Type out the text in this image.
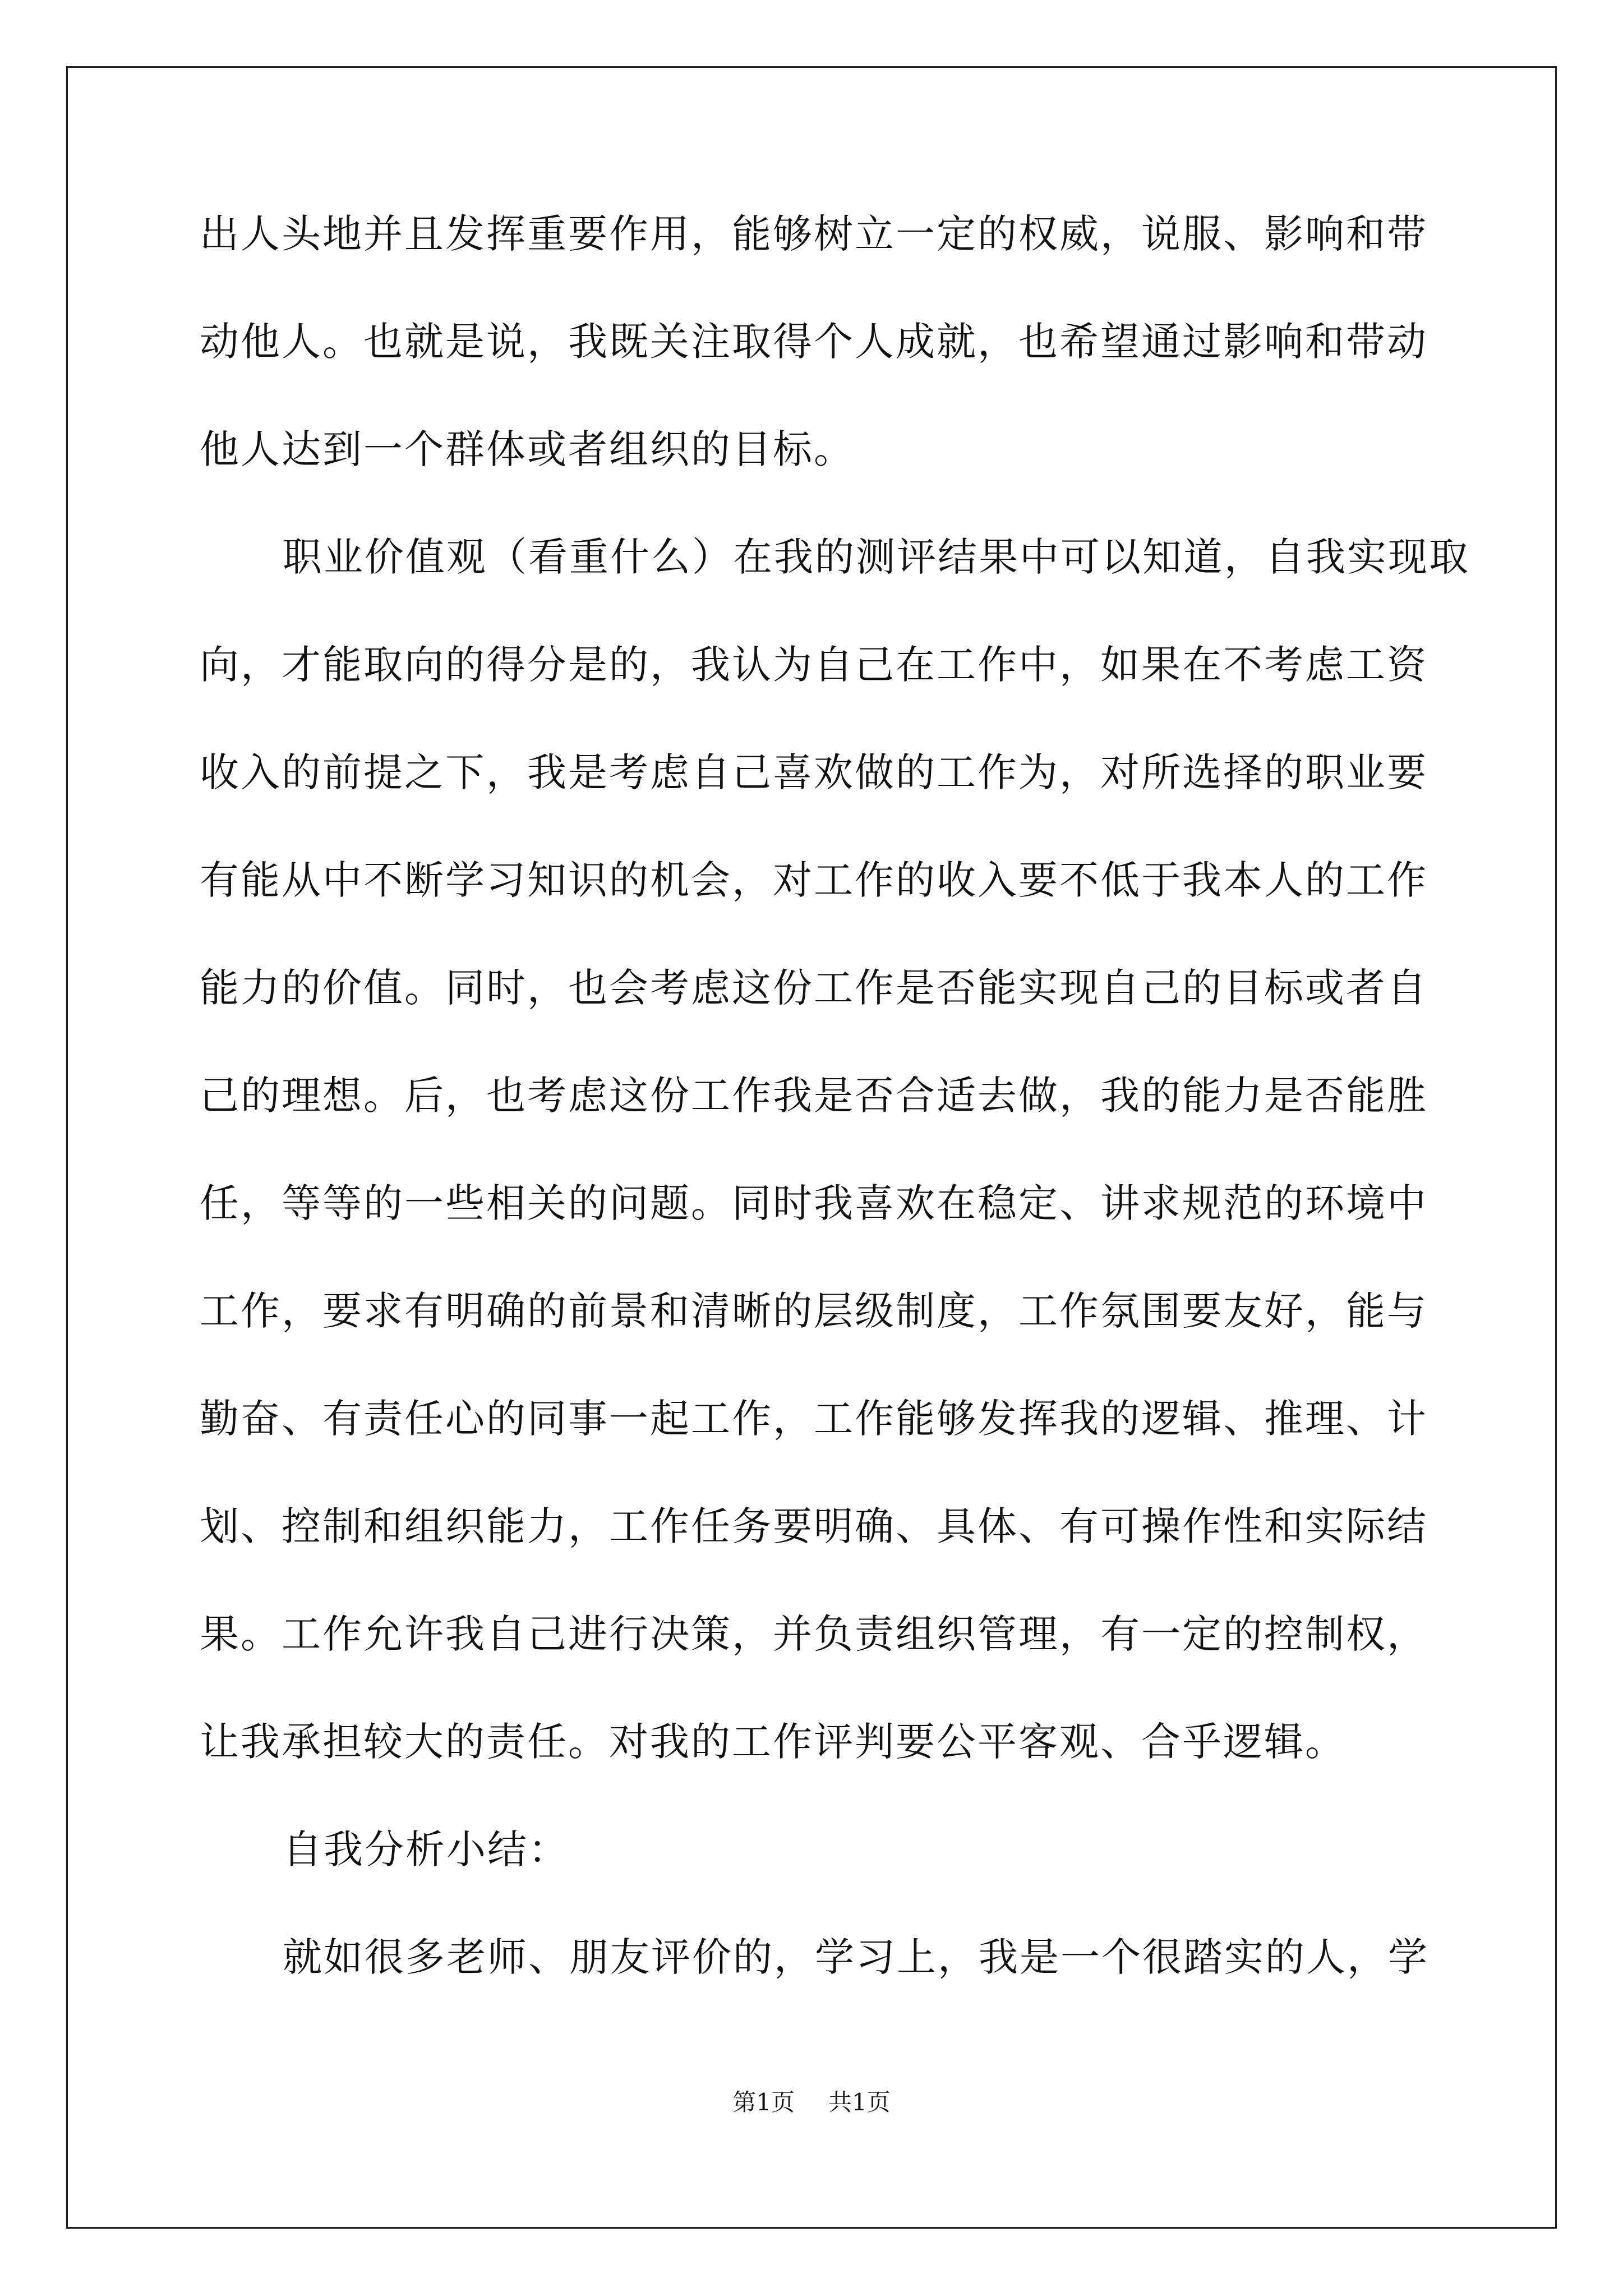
出人头地并且发挥重要作用，能够树立一定的权威，说服、影响和带
动他人。也就是说，我既关注取得个人成就，也希望通过影响和带动
他人达到一个群体或者组织的目标。
职业价值观（看重什么）在我的测评结果中可以知道，自我实现取
向，才能取向的得分是的，我认为自己在工作中，如果在不考虑工资
收入的前提之下，我是考虑自己喜欢做的工作为，对所选择的职业要
有能从中不断学习知识的机会，对工作的收入要不低于我本人的工作
能力的价值。同时，也会考虑这份工作是否能实现自己的目标或者自
己的理想。后，也考虑这份工作我是否合适去做，我的能力是否能胜
任，等等的一些相关的问题。同时我喜欢在稳定、讲求规范的环境中
工作，要求有明确的前景和清晰的层级制度，工作氛围要友好，能与
勤奋、有责任心的同事一起工作，工作能够发挥我的逻辑、推理、计
划、控制和组织能力，工作任务要明确、具体、有可操作性和实际结
果。工作允许我自己进行决策，并负责组织管理，有一定的控制权，
让我承担较大的责任。对我的工作评判要公平客观、合乎逻辑。
自我分析小结：
就如很多老师、朋友评价的，学习上，我是一个很踏实的人，学
第1页 共1页
